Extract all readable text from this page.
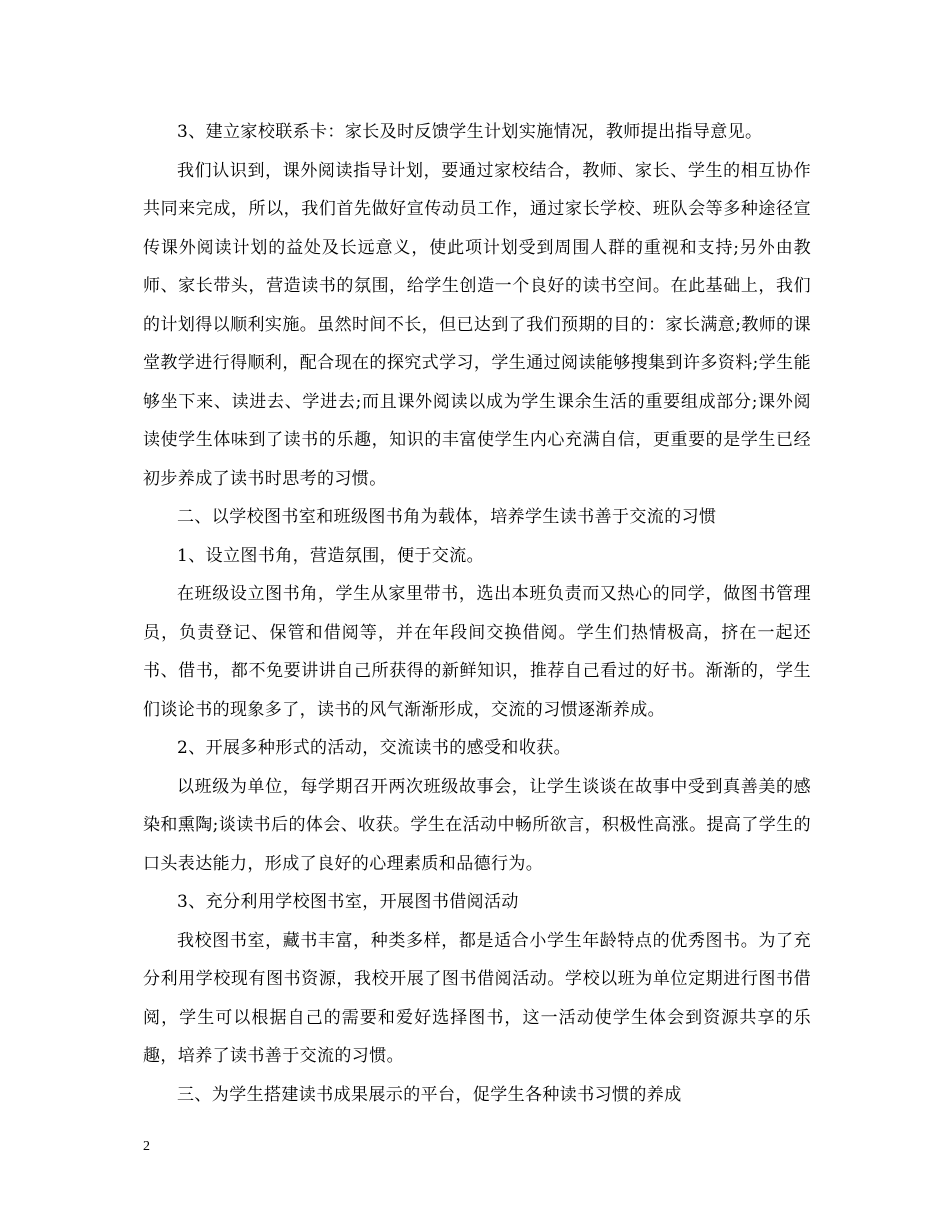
3、建立家校联系卡：家长及时反馈学生计划实施情况，教师提出指导意见。

我们认识到，课外阅读指导计划，要通过家校结合，教师、家长、学生的相互协作共同来完成，所以，我们首先做好宣传动员工作，通过家长学校、班队会等多种途径宣传课外阅读计划的益处及长远意义，使此项计划受到周围人群的重视和支持;另外由教师、家长带头，营造读书的氛围，给学生创造一个良好的读书空间。在此基础上，我们的计划得以顺利实施。虽然时间不长，但已达到了我们预期的目的：家长满意;教师的课堂教学进行得顺利，配合现在的探究式学习，学生通过阅读能够搜集到许多资料;学生能够坐下来、读进去、学进去;而且课外阅读以成为学生课余生活的重要组成部分;课外阅读使学生体味到了读书的乐趣，知识的丰富使学生内心充满自信，更重要的是学生已经初步养成了读书时思考的习惯。

二、以学校图书室和班级图书角为载体，培养学生读书善于交流的习惯

1、设立图书角，营造氛围，便于交流。

在班级设立图书角，学生从家里带书，选出本班负责而又热心的同学，做图书管理员，负责登记、保管和借阅等，并在年段间交换借阅。学生们热情极高，挤在一起还书、借书，都不免要讲讲自己所获得的新鲜知识，推荐自己看过的好书。渐渐的，学生们谈论书的现象多了，读书的风气渐渐形成，交流的习惯逐渐养成。

2、开展多种形式的活动，交流读书的感受和收获。

以班级为单位，每学期召开两次班级故事会，让学生谈谈在故事中受到真善美的感染和熏陶;谈读书后的体会、收获。学生在活动中畅所欲言，积极性高涨。提高了学生的口头表达能力，形成了良好的心理素质和品德行为。

3、充分利用学校图书室，开展图书借阅活动

我校图书室，藏书丰富，种类多样，都是适合小学生年龄特点的优秀图书。为了充分利用学校现有图书资源，我校开展了图书借阅活动。学校以班为单位定期进行图书借阅，学生可以根据自己的需要和爱好选择图书，这一活动使学生体会到资源共享的乐趣，培养了读书善于交流的习惯。

三、为学生搭建读书成果展示的平台，促学生各种读书习惯的养成

2
